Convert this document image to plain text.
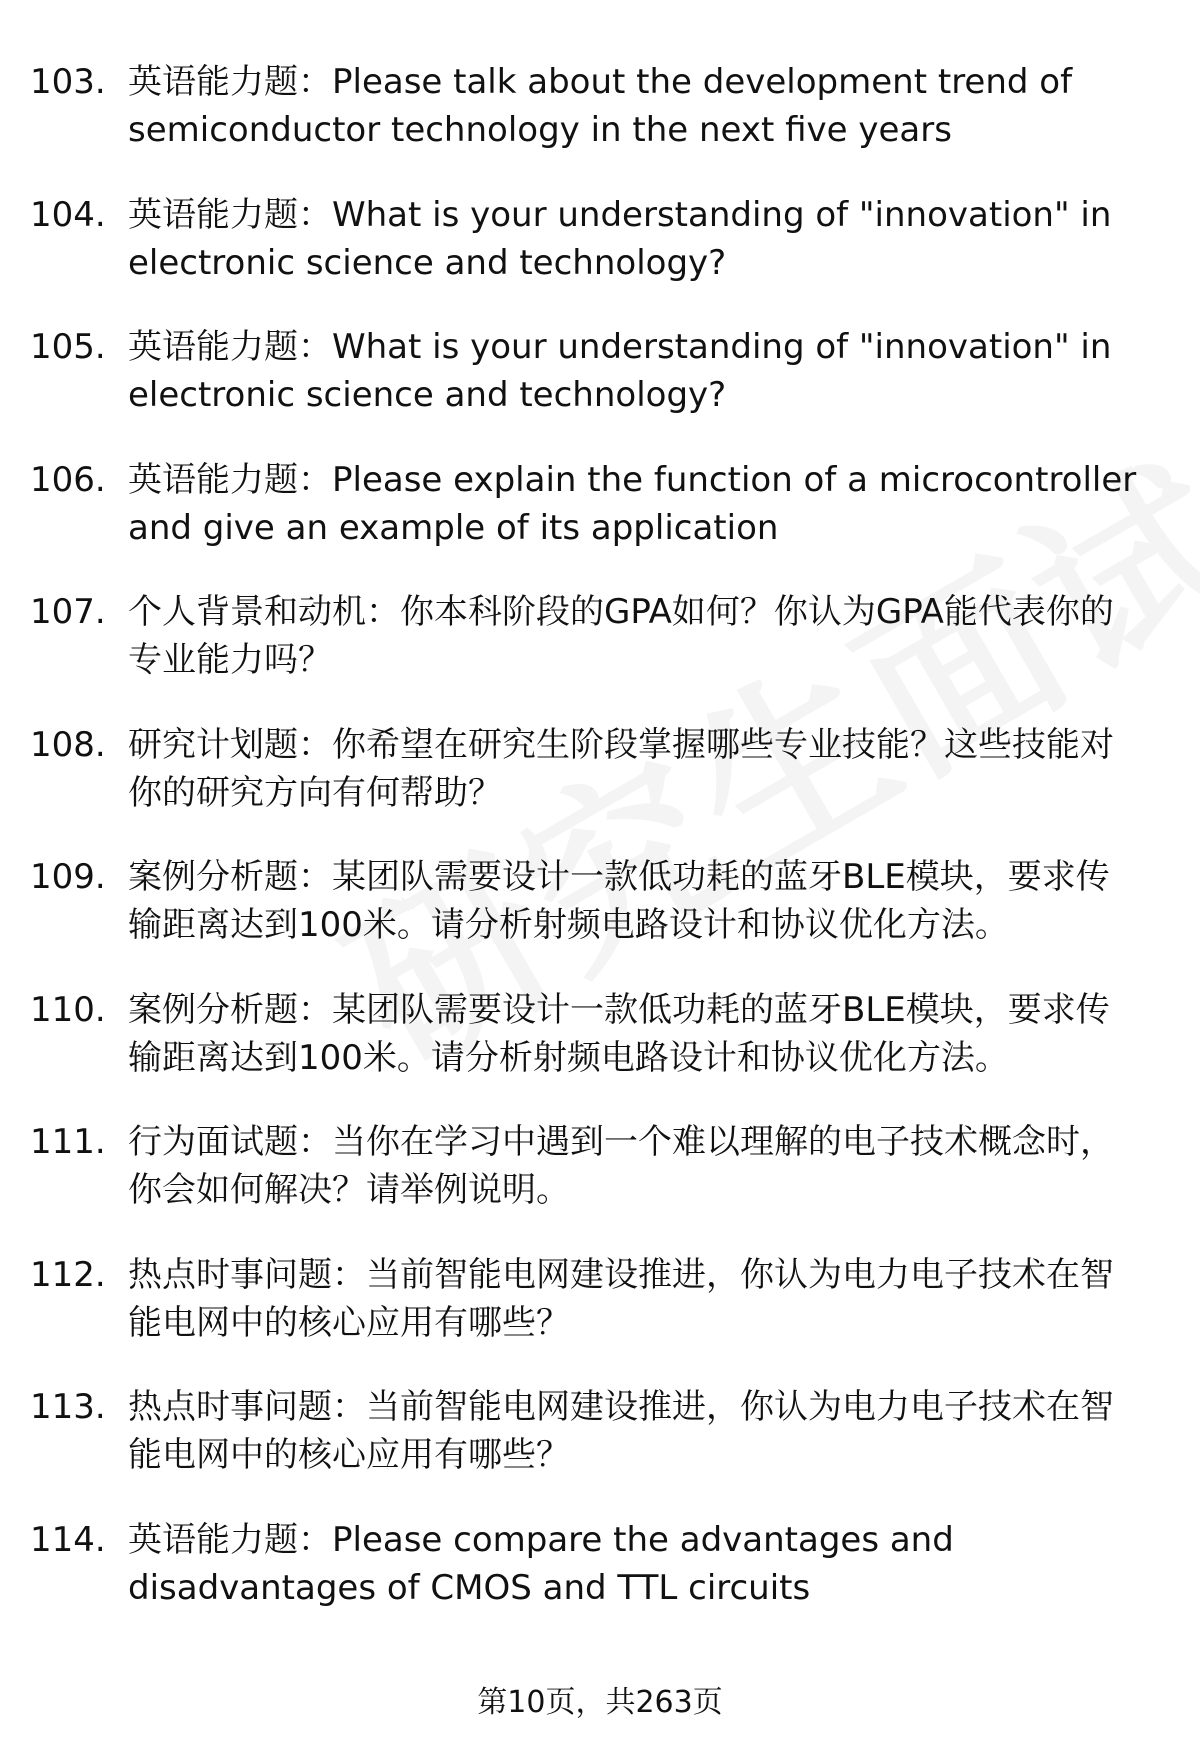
103. 英语能力题：Please talk about the development trend of semiconductor technology in the next five years
104. 英语能力题：What is your understanding of "innovation" in electronic science and technology?
105. 英语能力题：What is your understanding of "innovation" in electronic science and technology?
106. 英语能力题：Please explain the function of a microcontroller and give an example of its application
107. 个人背景和动机：你本科阶段的GPA如何？你认为GPA能代表你的专业能力吗？
108. 研究计划题：你希望在研究生阶段掌握哪些专业技能？这些技能对你的研究方向有何帮助？
109. 案例分析题：某团队需要设计一款低功耗的蓝牙BLE模块，要求传输距离达到100米。请分析射频电路设计和协议优化方法。
110. 案例分析题：某团队需要设计一款低功耗的蓝牙BLE模块，要求传输距离达到100米。请分析射频电路设计和协议优化方法。
111. 行为面试题：当你在学习中遇到一个难以理解的电子技术概念时，你会如何解决？请举例说明。
112. 热点时事问题：当前智能电网建设推进，你认为电力电子技术在智能电网中的核心应用有哪些？
113. 热点时事问题：当前智能电网建设推进，你认为电力电子技术在智能电网中的核心应用有哪些？
114. 英语能力题：Please compare the advantages and disadvantages of CMOS and TTL circuits
第10页，共263页
